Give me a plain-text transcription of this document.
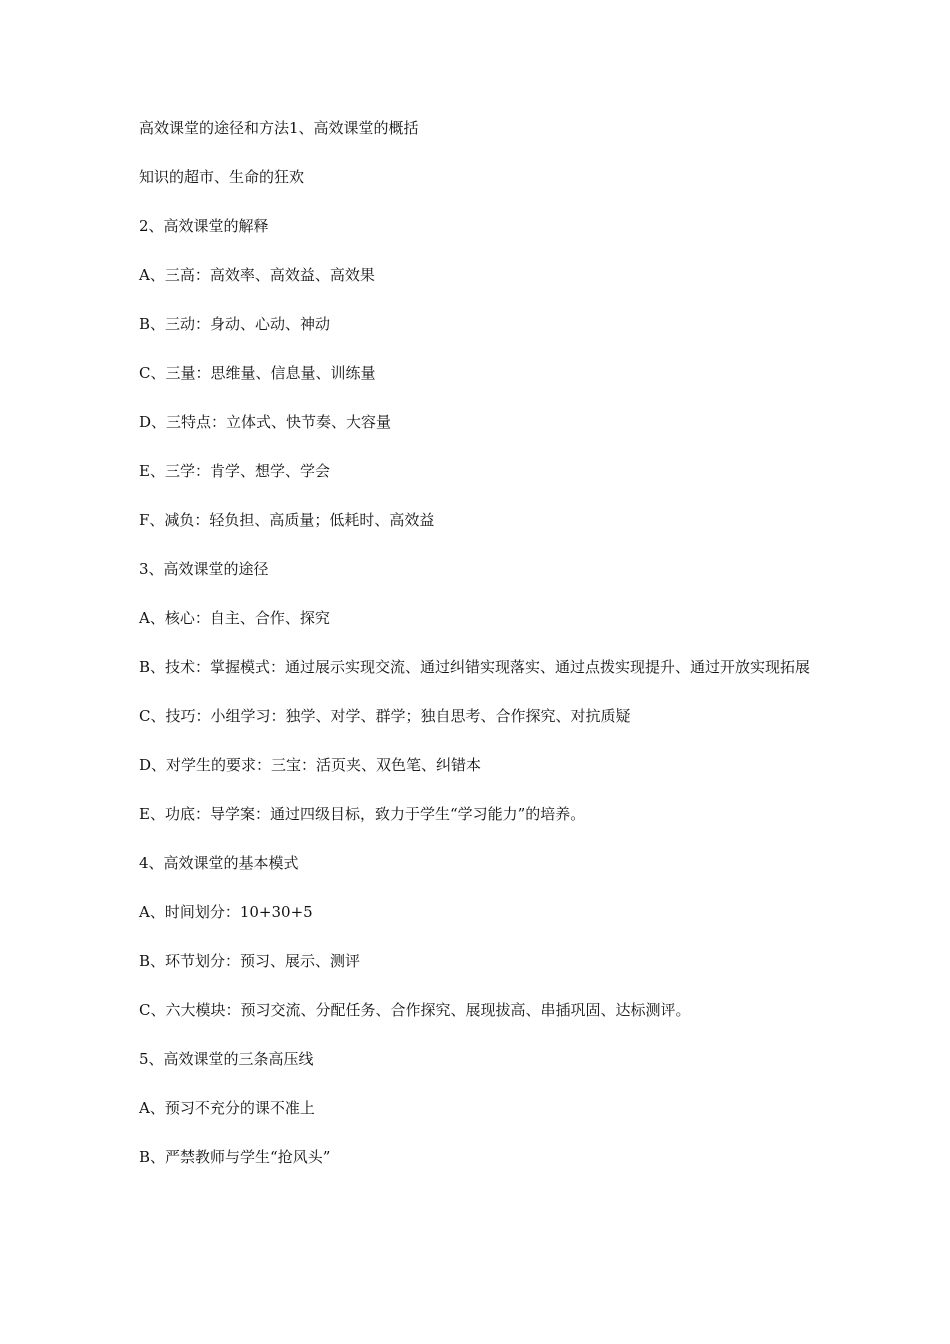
高效课堂的途径和方法1、高效课堂的概括

知识的超市、生命的狂欢

2、高效课堂的解释

A、三高：高效率、高效益、高效果

B、三动：身动、心动、神动

C、三量：思维量、信息量、训练量

D、三特点：立体式、快节奏、大容量

E、三学：肯学、想学、学会

F、减负：轻负担、高质量；低耗时、高效益

3、高效课堂的途径

A、核心：自主、合作、探究

B、技术：掌握模式：通过展示实现交流、通过纠错实现落实、通过点拨实现提升、通过开放实现拓展

C、技巧：小组学习：独学、对学、群学；独自思考、合作探究、对抗质疑

D、对学生的要求：三宝：活页夹、双色笔、纠错本

E、功底：导学案：通过四级目标，致力于学生“学习能力”的培养。

4、高效课堂的基本模式

A、时间划分：10+30+5

B、环节划分：预习、展示、测评

C、六大模块：预习交流、分配任务、合作探究、展现拔高、串插巩固、达标测评。

5、高效课堂的三条高压线

A、预习不充分的课不准上

B、严禁教师与学生“抢风头”
